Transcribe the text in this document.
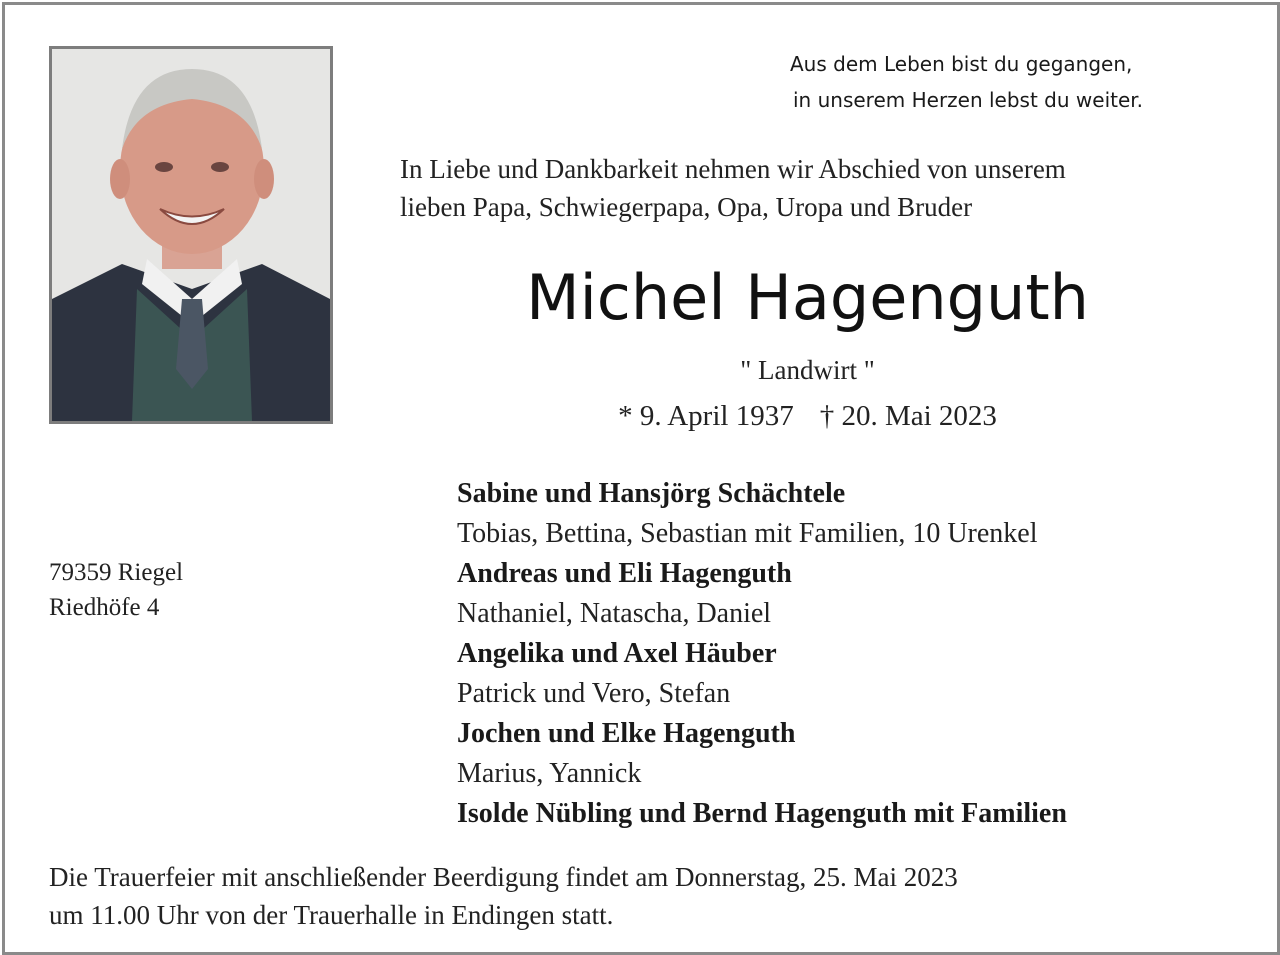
Aus dem Leben bist du gegangen,
in unserem Herzen lebst du weiter.
In Liebe und Dankbarkeit nehmen wir Abschied von unserem
lieben Papa, Schwiegerpapa, Opa, Uropa und Bruder
Michel Hagenguth
" Landwirt "
* 9. April 1937 † 20. Mai 2023
79359 Riegel
Riedhöfe 4
Sabine und Hansjörg Schächtele
Tobias, Bettina, Sebastian mit Familien, 10 Urenkel
Andreas und Eli Hagenguth
Nathaniel, Natascha, Daniel
Angelika und Axel Häuber
Patrick und Vero, Stefan
Jochen und Elke Hagenguth
Marius, Yannick
Isolde Nübling und Bernd Hagenguth mit Familien
Die Trauerfeier mit anschließender Beerdigung findet am Donnerstag, 25. Mai 2023
um 11.00 Uhr von der Trauerhalle in Endingen statt.
